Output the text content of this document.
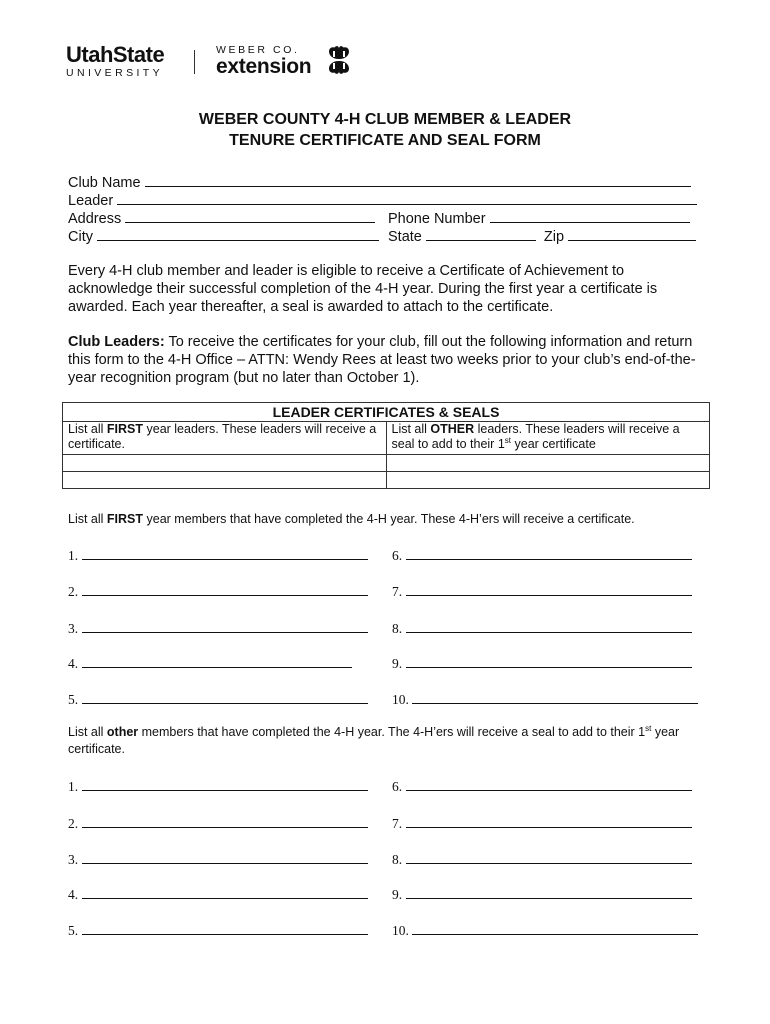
UtahState
UNIVERSITY
WEBER CO.
extension
WEBER COUNTY 4-H CLUB MEMBER & LEADER
TENURE CERTIFICATE AND SEAL FORM
Club Name
Leader
Address	Phone Number
City	State	Zip
Every 4-H club member and leader is eligible to receive a Certificate of Achievement to acknowledge their successful completion of the 4-H year. During the first year a certificate is awarded. Each year thereafter, a seal is awarded to attach to the certificate.
Club Leaders: To receive the certificates for your club, fill out the following information and return this form to the 4-H Office – ATTN: Wendy Rees at least two weeks prior to your club’s end-of-the-year recognition program (but no later than October 1).
LEADER CERTIFICATES & SEALS	
List all FIRST year leaders. These leaders will receive a certificate.	List all OTHER leaders. These leaders will receive a seal to add to their 1st year certificate

List all FIRST year members that have completed the 4-H year. These 4-H’ers will receive a certificate.
1.
2.
3.
4.
5.
6.
7.
8.
9.
10.
List all other members that have completed the 4-H year. The 4-H’ers will receive a seal to add to their 1st year certificate.
1.
2.
3.
4.
5.
6.
7.
8.
9.
10.
